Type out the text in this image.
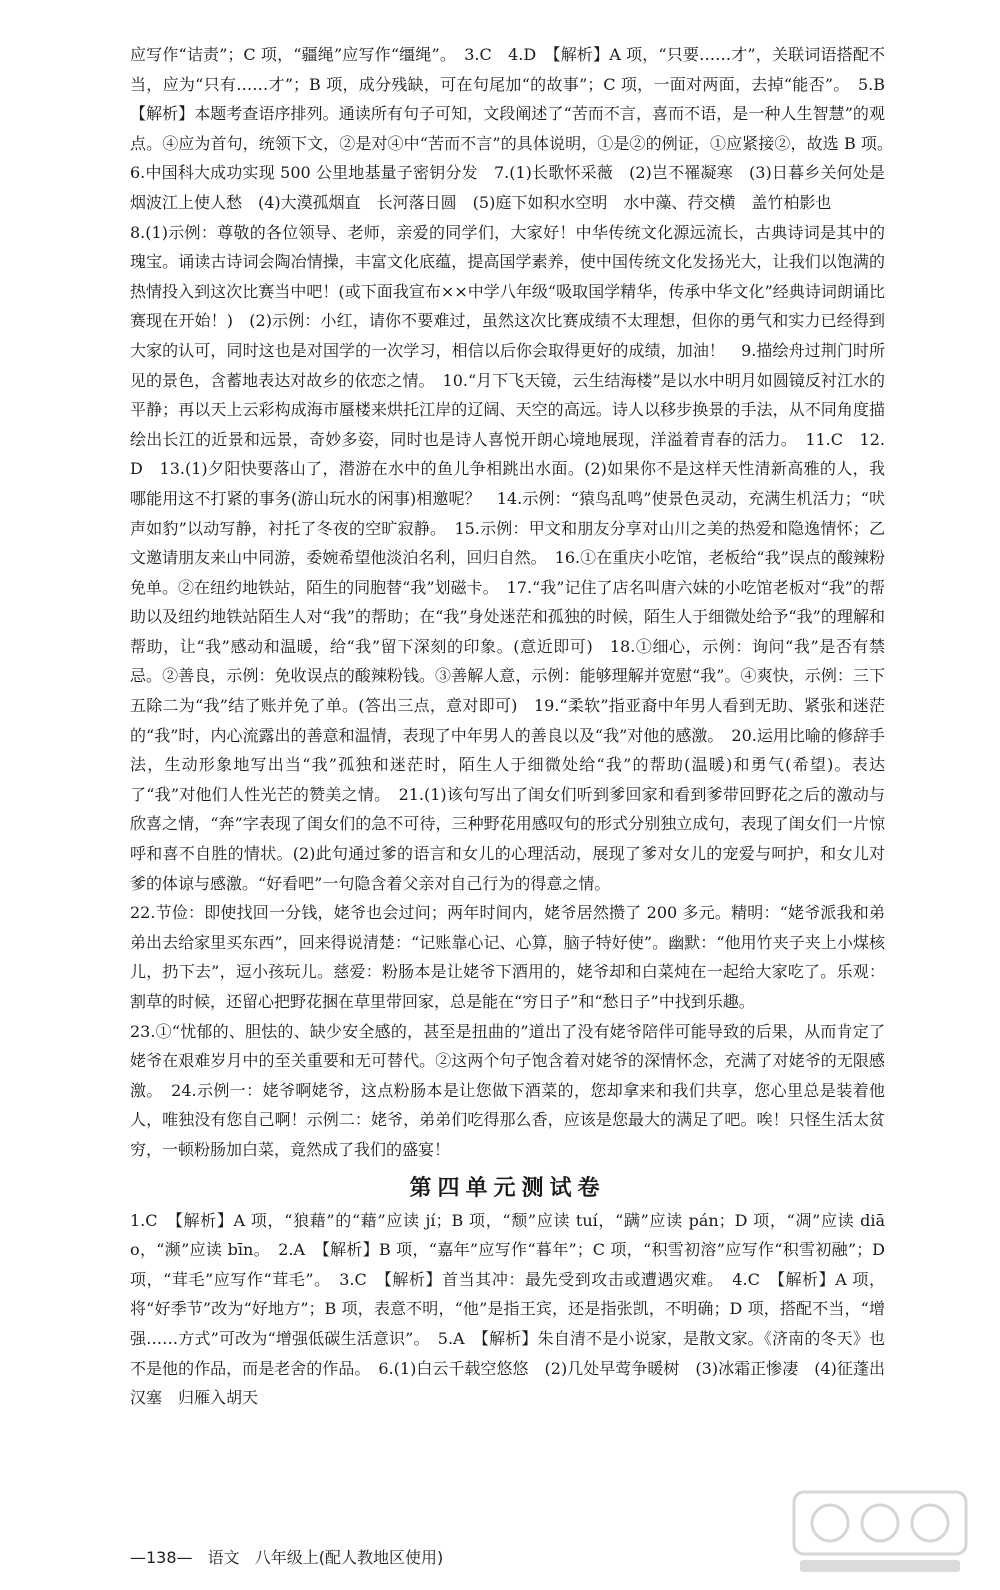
应写作“诘责”；C 项，“疆绳”应写作“缰绳”。　3.C　4.D　【解析】A 项，“只要……才”，关联词语搭配不当，应为“只有……才”；B 项，成分残缺，可在句尾加“的故事”；C 项，一面对两面，去掉“能否”。　5.B　【解析】本题考查语序排列。通读所有句子可知，文段阐述了“苦而不言，喜而不语，是一种人生智慧”的观点。④应为首句，统领下文，②是对④中“苦而不言”的具体说明，①是②的例证，①应紧接②，故选 B 项。　6.中国科大成功实现 500 公里地基量子密钥分发　7.(1)长歌怀采薇　(2)岂不罹凝寒　(3)日暮乡关何处是　烟波江上使人愁　(4)大漠孤烟直　长河落日圆　(5)庭下如积水空明　水中藻、荇交横　盖竹柏影也

8.(1)示例：尊敬的各位领导、老师，亲爱的同学们，大家好！中华传统文化源远流长，古典诗词是其中的瑰宝。诵读古诗词会陶冶情操，丰富文化底蕴，提高国学素养，使中国传统文化发扬光大，让我们以饱满的热情投入到这次比赛当中吧！(或下面我宣布××中学八年级“吸取国学精华，传承中华文化”经典诗词朗诵比赛现在开始！)　(2)示例：小红，请你不要难过，虽然这次比赛成绩不太理想，但你的勇气和实力已经得到大家的认可，同时这也是对国学的一次学习，相信以后你会取得更好的成绩，加油！　9.描绘舟过荆门时所见的景色，含蓄地表达对故乡的依恋之情。　10.“月下飞天镜，云生结海楼”是以水中明月如圆镜反衬江水的平静；再以天上云彩构成海市蜃楼来烘托江岸的辽阔、天空的高远。诗人以移步换景的手法，从不同角度描绘出长江的近景和远景，奇妙多姿，同时也是诗人喜悦开朗心境地展现，洋溢着青春的活力。　11.C　12.D　13.(1)夕阳快要落山了，潜游在水中的鱼儿争相跳出水面。(2)如果你不是这样天性清新高雅的人，我哪能用这不打紧的事务(游山玩水的闲事)相邀呢？　14.示例：“猿鸟乱鸣”使景色灵动，充满生机活力；“吠声如豹”以动写静，衬托了冬夜的空旷寂静。　15.示例：甲文和朋友分享对山川之美的热爱和隐逸情怀；乙文邀请朋友来山中同游，委婉希望他淡泊名利，回归自然。　16.①在重庆小吃馆，老板给“我”误点的酸辣粉免单。②在纽约地铁站，陌生的同胞替“我”划磁卡。　17.“我”记住了店名叫唐六妹的小吃馆老板对“我”的帮助以及纽约地铁站陌生人对“我”的帮助；在“我”身处迷茫和孤独的时候，陌生人于细微处给予“我”的理解和帮助，让“我”感动和温暖，给“我”留下深刻的印象。(意近即可)　18.①细心，示例：询问“我”是否有禁忌。②善良，示例：免收误点的酸辣粉钱。③善解人意，示例：能够理解并宽慰“我”。④爽快，示例：三下五除二为“我”结了账并免了单。(答出三点，意对即可)　19.“柔软”指亚裔中年男人看到无助、紧张和迷茫的“我”时，内心流露出的善意和温情，表现了中年男人的善良以及“我”对他的感激。　20.运用比喻的修辞手法，生动形象地写出当“我”孤独和迷茫时，陌生人于细微处给“我”的帮助(温暖)和勇气(希望)。表达了“我”对他们人性光芒的赞美之情。　21.(1)该句写出了闺女们听到爹回家和看到爹带回野花之后的激动与欣喜之情，“奔”字表现了闺女们的急不可待，三种野花用感叹句的形式分别独立成句，表现了闺女们一片惊呼和喜不自胜的情状。(2)此句通过爹的语言和女儿的心理活动，展现了爹对女儿的宠爱与呵护，和女儿对爹的体谅与感激。“好看吧”一句隐含着父亲对自己行为的得意之情。

22.节俭：即使找回一分钱，姥爷也会过问；两年时间内，姥爷居然攒了 200 多元。精明：“姥爷派我和弟弟出去给家里买东西”，回来得说清楚：“记账靠心记、心算，脑子特好使”。幽默：“他用竹夹子夹上小煤核儿，扔下去”，逗小孩玩儿。慈爱：粉肠本是让姥爷下酒用的，姥爷却和白菜炖在一起给大家吃了。乐观：割草的时候，还留心把野花捆在草里带回家，总是能在“穷日子”和“愁日子”中找到乐趣。

23.①“忧郁的、胆怯的、缺少安全感的，甚至是扭曲的”道出了没有姥爷陪伴可能导致的后果，从而肯定了姥爷在艰难岁月中的至关重要和无可替代。②这两个句子饱含着对姥爷的深情怀念，充满了对姥爷的无限感激。　24.示例一：姥爷啊姥爷，这点粉肠本是让您做下酒菜的，您却拿来和我们共享，您心里总是装着他人，唯独没有您自己啊！示例二：姥爷，弟弟们吃得那么香，应该是您最大的满足了吧。唉！只怪生活太贫穷，一顿粉肠加白菜，竟然成了我们的盛宴！

第四单元测试卷

1.C　【解析】A 项，“狼藉”的“藉”应读 jí；B 项，“颓”应读 tuí，“蹒”应读 pán；D 项，“凋”应读 diāo，“濒”应读 bīn。　2.A　【解析】B 项，“嘉年”应写作“暮年”；C 项，“积雪初溶”应写作“积雪初融”；D 项，“茸毛”应写作“茸毛”。　3.C　【解析】首当其冲：最先受到攻击或遭遇灾难。　4.C　【解析】A 项，将“好季节”改为“好地方”；B 项，表意不明，“他”是指王宾，还是指张凯，不明确；D 项，搭配不当，“增强……方式”可改为“增强低碳生活意识”。　5.A　【解析】朱自清不是小说家，是散文家。《济南的冬天》也不是他的作品，而是老舍的作品。　6.(1)白云千载空悠悠　(2)几处早莺争暖树　(3)冰霜正惨凄　(4)征蓬出汉塞　归雁入胡天

—138— 语文 八年级上(配人教地区使用)
